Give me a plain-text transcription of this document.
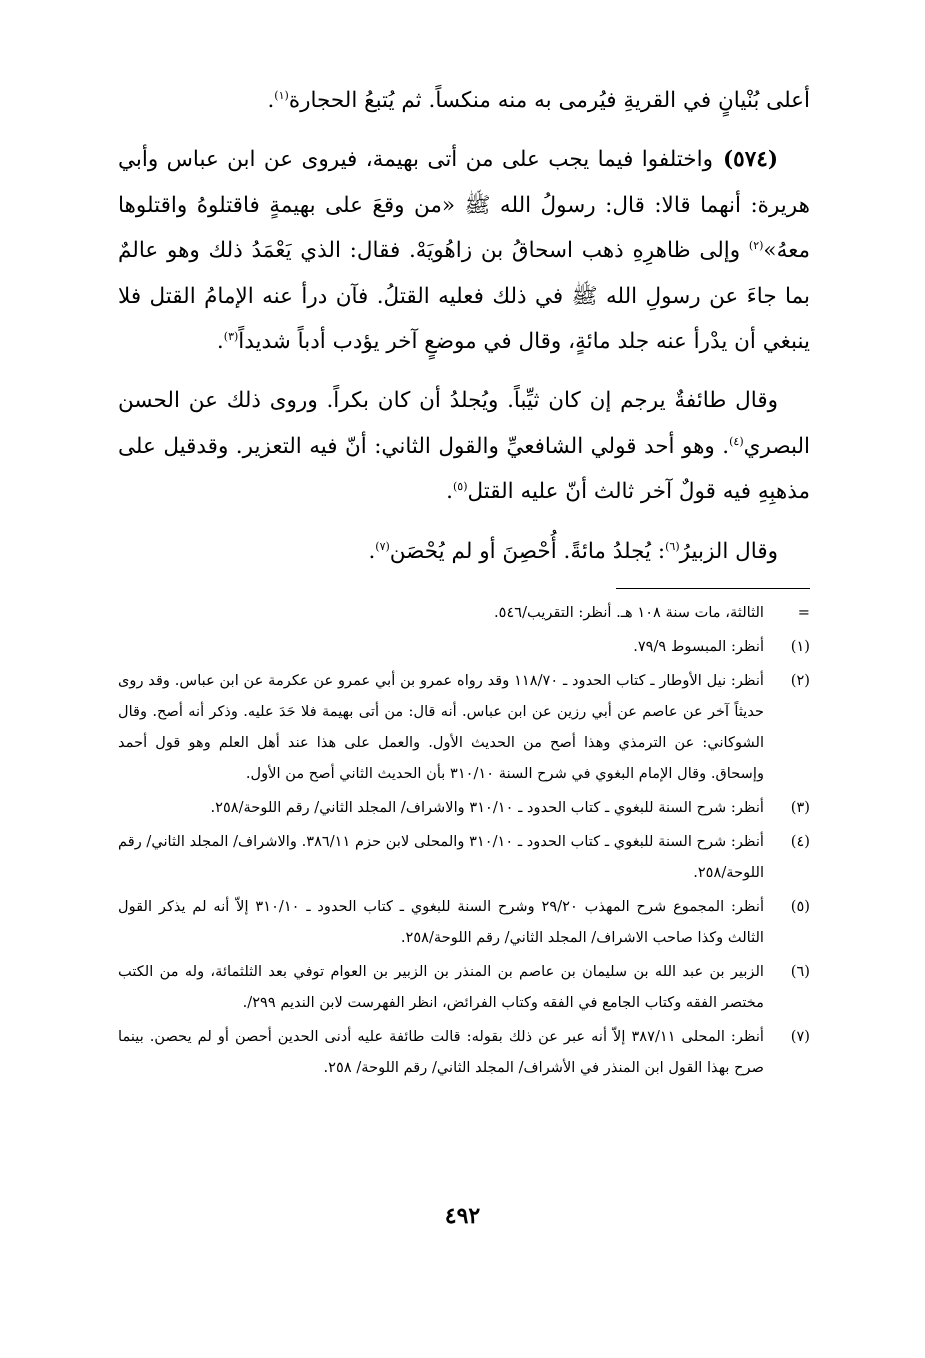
أعلى بُنْيانٍ في القريةِ فيُرمى به منه منكساً. ثم يُتبعُ الحجارة$^{(١)}$.

(٥٧٤)واختلفوا فيما يجب على من أتى بهيمة، فيروى عن ابن عباس وأبي هريرة: أنهما قالا: قال: رسولُ الله ﷺ «من وقعَ على بهيمةٍ فاقتلوهُ واقتلوها معهُ»$^{(٢)}$ وإلى ظاهرِهِ ذهب اسحاقُ بن زاهُويَهْ. فقال: الذي يَعْمَدُ ذلك وهو عالمٌ بما جاءَ عن رسولِ الله ﷺ في ذلك فعليه القتلُ. فآن درأ عنه الإمامُ القتل فلا ينبغي أن يدْرأ عنه جلد مائةٍ، وقال في موضعٍ آخر يؤدب أدباً شديداً$^{(٣)}$.

وقال طائفةٌ يرجم إن كان ثيِّباً. ويُجلدُ أن كان بكراً. وروى ذلك عن الحسن البصري$^{(٤)}$. وهو أحد قولي الشافعيِّ والقول الثاني: أنّ فيه التعزير. وقدقيل على مذهبِهِ فيه قولٌ آخر ثالث أنّ عليه القتل$^{(٥)}$.

وقال الزبيرُ$^{(٦)}$: يُجلدُ مائةً. أُحْصِنَ أو لم يُحْصَن$^{(٧)}$.

=
الثالثة، مات سنة ١٠٨ هـ. أنظر: التقريب/٥٤٦.
(١)
أنظر: المبسوط ٧٩/٩.
(٢)
أنظر: نيل الأوطار ـ كتاب الحدود ـ ١١٨/٧٠ وقد رواه عمرو بن أبي عمرو عن عكرمة عن ابن عباس. وقد روى حديثاً آخر عن عاصم عن أبي رزين عن ابن عباس. أنه قال: من أتى بهيمة فلا حَدَ عليه. وذكر أنه أصح. وقال الشوكاني: عن الترمذي وهذا أصح من الحديث الأول. والعمل على هذا عند أهل العلم وهو قول أحمد وإسحاق. وقال الإمام البغوي في شرح السنة ٣١٠/١٠ بأن الحديث الثاني أصح من الأول.
(٣)
أنظر: شرح السنة للبغوي ـ كتاب الحدود ـ ٣١٠/١٠ والاشراف/ المجلد الثاني/ رقم اللوحة/٢٥٨.
(٤)
أنظر: شرح السنة للبغوي ـ كتاب الحدود ـ ٣١٠/١٠ والمحلى لابن حزم ٣٨٦/١١. والاشراف/ المجلد الثاني/ رقم اللوحة/٢٥٨.
(٥)
أنظر: المجموع شرح المهذب ٢٩/٢٠ وشرح السنة للبغوي ـ كتاب الحدود ـ ٣١٠/١٠ إلاّ أنه لم يذكر القول الثالث وكذا صاحب الاشراف/ المجلد الثاني/ رقم اللوحة/٢٥٨.
(٦)
الزبير بن عبد الله بن سليمان بن عاصم بن المنذر بن الزبير بن العوام توفي بعد الثلثمائة، وله من الكتب مختصر الفقه وكتاب الجامع في الفقه وكتاب الفرائض، انظر الفهرست لابن النديم ٢٩٩/.
(٧)
أنظر: المحلى ٣٨٧/١١ إلاّ أنه عبر عن ذلك بقوله: قالت طائفة عليه أدنى الحدين أحصن أو لم يحصن. بينما صرح بهذا القول ابن المنذر في الأشراف/ المجلد الثاني/ رقم اللوحة/ ٢٥٨.
٤٩٢
